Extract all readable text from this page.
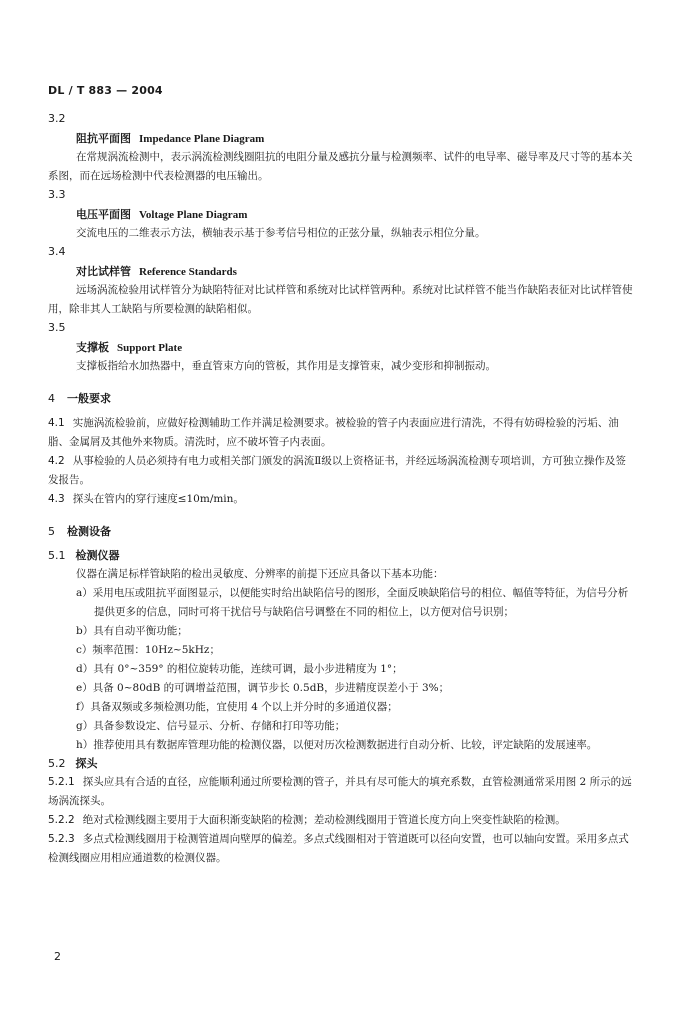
DL / T 883 — 2004

3.2

阻抗平面图 Impedance Plane Diagram

在常规涡流检测中，表示涡流检测线圈阻抗的电阻分量及感抗分量与检测频率、试件的电导率、磁导率及尺寸等的基本关系图，而在远场检测中代表检测器的电压输出。

3.3

电压平面图 Voltage Plane Diagram

交流电压的二维表示方法，横轴表示基于参考信号相位的正弦分量，纵轴表示相位分量。

3.4

对比试样管 Reference Standards

远场涡流检验用试样管分为缺陷特征对比试样管和系统对比试样管两种。系统对比试样管不能当作缺陷表征对比试样管使用，除非其人工缺陷与所要检测的缺陷相似。

3.5

支撑板 Support Plate

支撑板指给水加热器中，垂直管束方向的管板，其作用是支撑管束，减少变形和抑制振动。

4 一般要求

4.1 实施涡流检验前，应做好检测辅助工作并满足检测要求。被检验的管子内表面应进行清洗，不得有妨碍检验的污垢、油脂、金属屑及其他外来物质。清洗时，应不破坏管子内表面。

4.2 从事检验的人员必须持有电力或相关部门颁发的涡流Ⅱ级以上资格证书，并经远场涡流检测专项培训，方可独立操作及签发报告。

4.3 探头在管内的穿行速度≤10m/min。

5 检测设备

5.1 检测仪器

仪器在满足标样管缺陷的检出灵敏度、分辨率的前提下还应具备以下基本功能：

a）采用电压或阻抗平面图显示，以便能实时给出缺陷信号的图形，全面反映缺陷信号的相位、幅值等特征，为信号分析提供更多的信息，同时可将干扰信号与缺陷信号调整在不同的相位上，以方便对信号识别；
b）具有自动平衡功能；
c）频率范围：10Hz~5kHz；
d）具有 0°~359° 的相位旋转功能，连续可调，最小步进精度为 1°；
e）具备 0~80dB 的可调增益范围，调节步长 0.5dB，步进精度误差小于 3%；
f）具备双频或多频检测功能，宜使用 4 个以上并分时的多通道仪器；
g）具备参数设定、信号显示、分析、存储和打印等功能；
h）推荐使用具有数据库管理功能的检测仪器，以便对历次检测数据进行自动分析、比较，评定缺陷的发展速率。

5.2 探头

5.2.1 探头应具有合适的直径，应能顺利通过所要检测的管子，并具有尽可能大的填充系数，直管检测通常采用图 2 所示的远场涡流探头。

5.2.2 绝对式检测线圈主要用于大面积渐变缺陷的检测；差动检测线圈用于管道长度方向上突变性缺陷的检测。

5.2.3 多点式检测线圈用于检测管道周向壁厚的偏差。多点式线圈相对于管道既可以径向安置，也可以轴向安置。采用多点式检测线圈应用相应通道数的检测仪器。

2
